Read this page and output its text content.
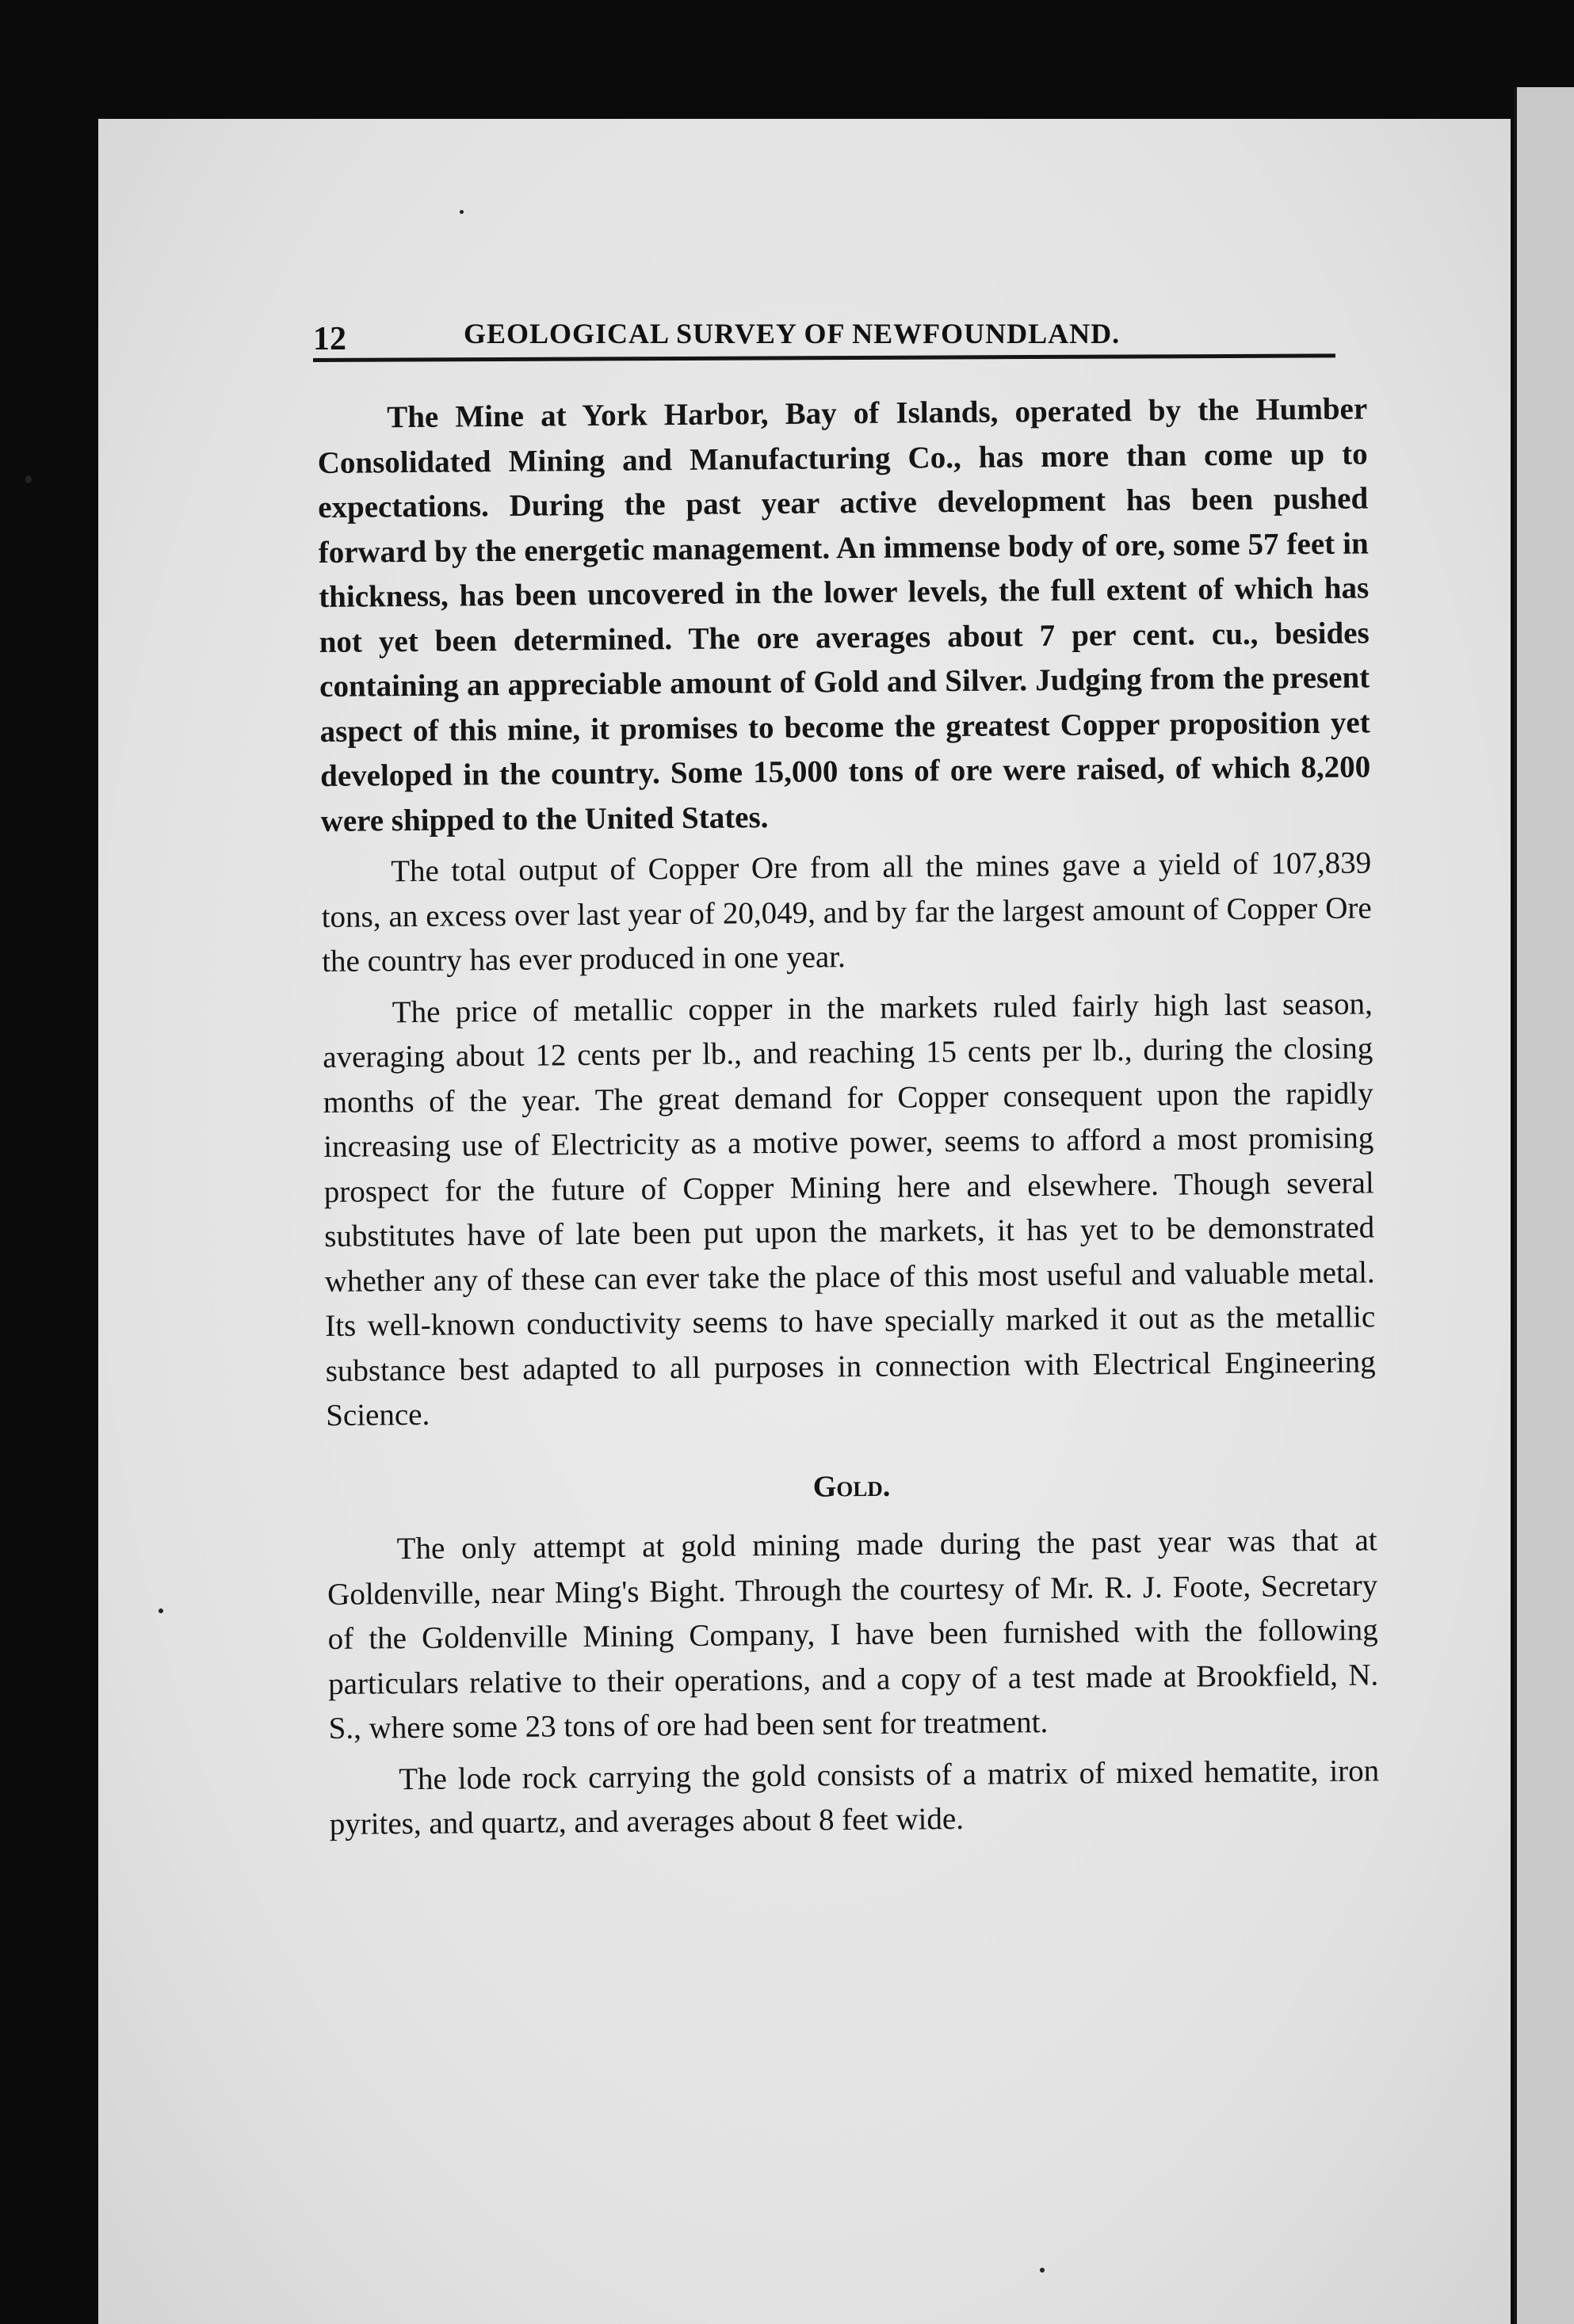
12	GEOLOGICAL SURVEY OF NEWFOUNDLAND.

The Mine at York Harbor, Bay of Islands, operated by the Humber Consolidated Mining and Manufacturing Co., has more than come up to expectations. During the past year active development has been pushed forward by the energetic management. An immense body of ore, some 57 feet in thickness, has been uncovered in the lower levels, the full extent of which has not yet been determined. The ore averages about 7 per cent. cu., besides containing an appreciable amount of Gold and Silver. Judging from the present aspect of this mine, it promises to become the greatest Copper proposition yet developed in the country. Some 15,000 tons of ore were raised, of which 8,200 were shipped to the United States.

The total output of Copper Ore from all the mines gave a yield of 107,839 tons, an excess over last year of 20,049, and by far the largest amount of Copper Ore the country has ever produced in one year.

The price of metallic copper in the markets ruled fairly high last season, averaging about 12 cents per lb., and reaching 15 cents per lb., during the closing months of the year. The great demand for Copper consequent upon the rapidly increasing use of Electricity as a motive power, seems to afford a most promising prospect for the future of Copper Mining here and elsewhere. Though several substitutes have of late been put upon the markets, it has yet to be demonstrated whether any of these can ever take the place of this most useful and valuable metal. Its well-known conductivity seems to have specially marked it out as the metallic substance best adapted to all purposes in connection with Electrical Engineering Science.

Gold.

The only attempt at gold mining made during the past year was that at Goldenville, near Ming's Bight. Through the courtesy of Mr. R. J. Foote, Secretary of the Goldenville Mining Company, I have been furnished with the following particulars relative to their operations, and a copy of a test made at Brookfield, N. S., where some 23 tons of ore had been sent for treatment.

The lode rock carrying the gold consists of a matrix of mixed hematite, iron pyrites, and quartz, and averages about 8 feet wide.
